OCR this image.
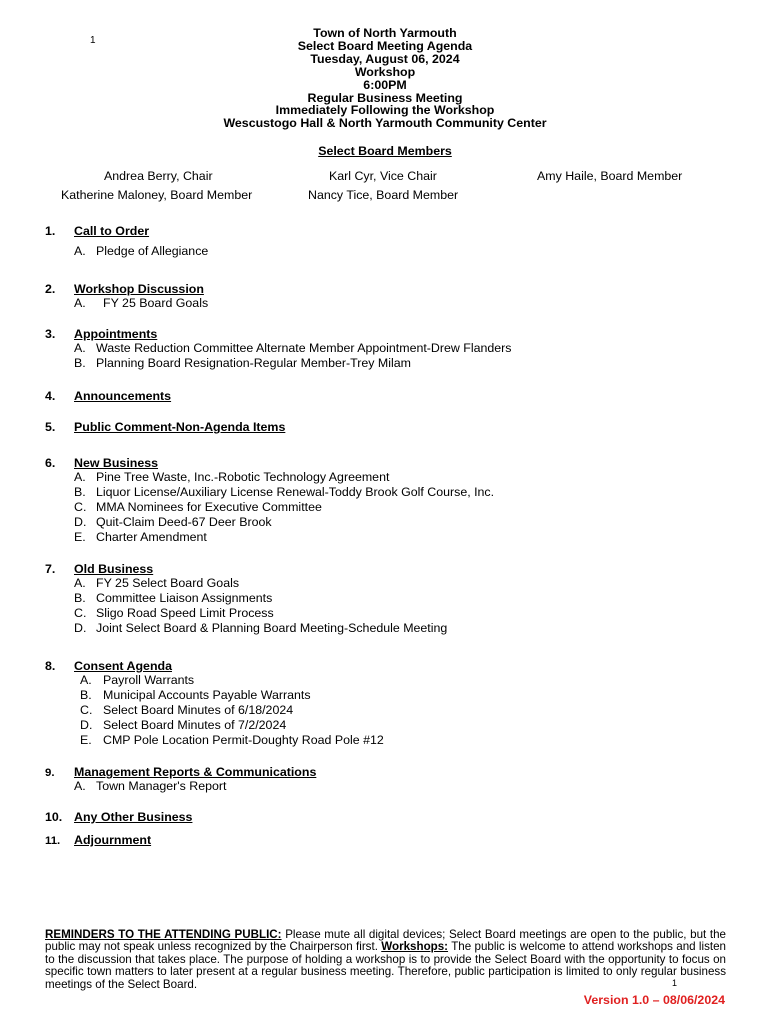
1
Town of North Yarmouth
Select Board Meeting Agenda
Tuesday, August 06, 2024
Workshop
6:00PM
Regular Business Meeting
Immediately Following the Workshop
Wescustogo Hall & North Yarmouth Community Center
Select Board Members
Andrea Berry, Chair	Karl Cyr, Vice Chair	Amy Haile, Board Member
Katherine Maloney, Board Member	Nancy Tice, Board Member
1.	Call to Order
A. Pledge of Allegiance
2.	Workshop Discussion
A.	FY 25 Board Goals
3.	Appointments
A. Waste Reduction Committee Alternate Member Appointment-Drew Flanders
B. Planning Board Resignation-Regular Member-Trey Milam
4.	Announcements
5.	Public Comment-Non-Agenda Items
6.	New Business
A. Pine Tree Waste, Inc.-Robotic Technology Agreement
B. Liquor License/Auxiliary License Renewal-Toddy Brook Golf Course, Inc.
C. MMA Nominees for Executive Committee
D. Quit-Claim Deed-67 Deer Brook
E. Charter Amendment
7.	Old Business
A. FY 25 Select Board Goals
B. Committee Liaison Assignments
C. Sligo Road Speed Limit Process
D. Joint Select Board & Planning Board Meeting-Schedule Meeting
8.	Consent Agenda
A. Payroll Warrants
B. Municipal Accounts Payable Warrants
C. Select Board Minutes of 6/18/2024
D. Select Board Minutes of 7/2/2024
E. CMP Pole Location Permit-Doughty Road Pole #12
9.	Management Reports & Communications
A. Town Manager's Report
10. Any Other Business
11.	Adjournment
REMINDERS TO THE ATTENDING PUBLIC: Please mute all digital devices; Select Board meetings are open to the public, but the public may not speak unless recognized by the Chairperson first. Workshops: The public is welcome to attend workshops and listen to the discussion that takes place. The purpose of holding a workshop is to provide the Select Board with the opportunity to focus on specific town matters to later present at a regular business meeting. Therefore, public participation is limited to only regular business meetings of the Select Board.	1
Version 1.0 – 08/06/2024
